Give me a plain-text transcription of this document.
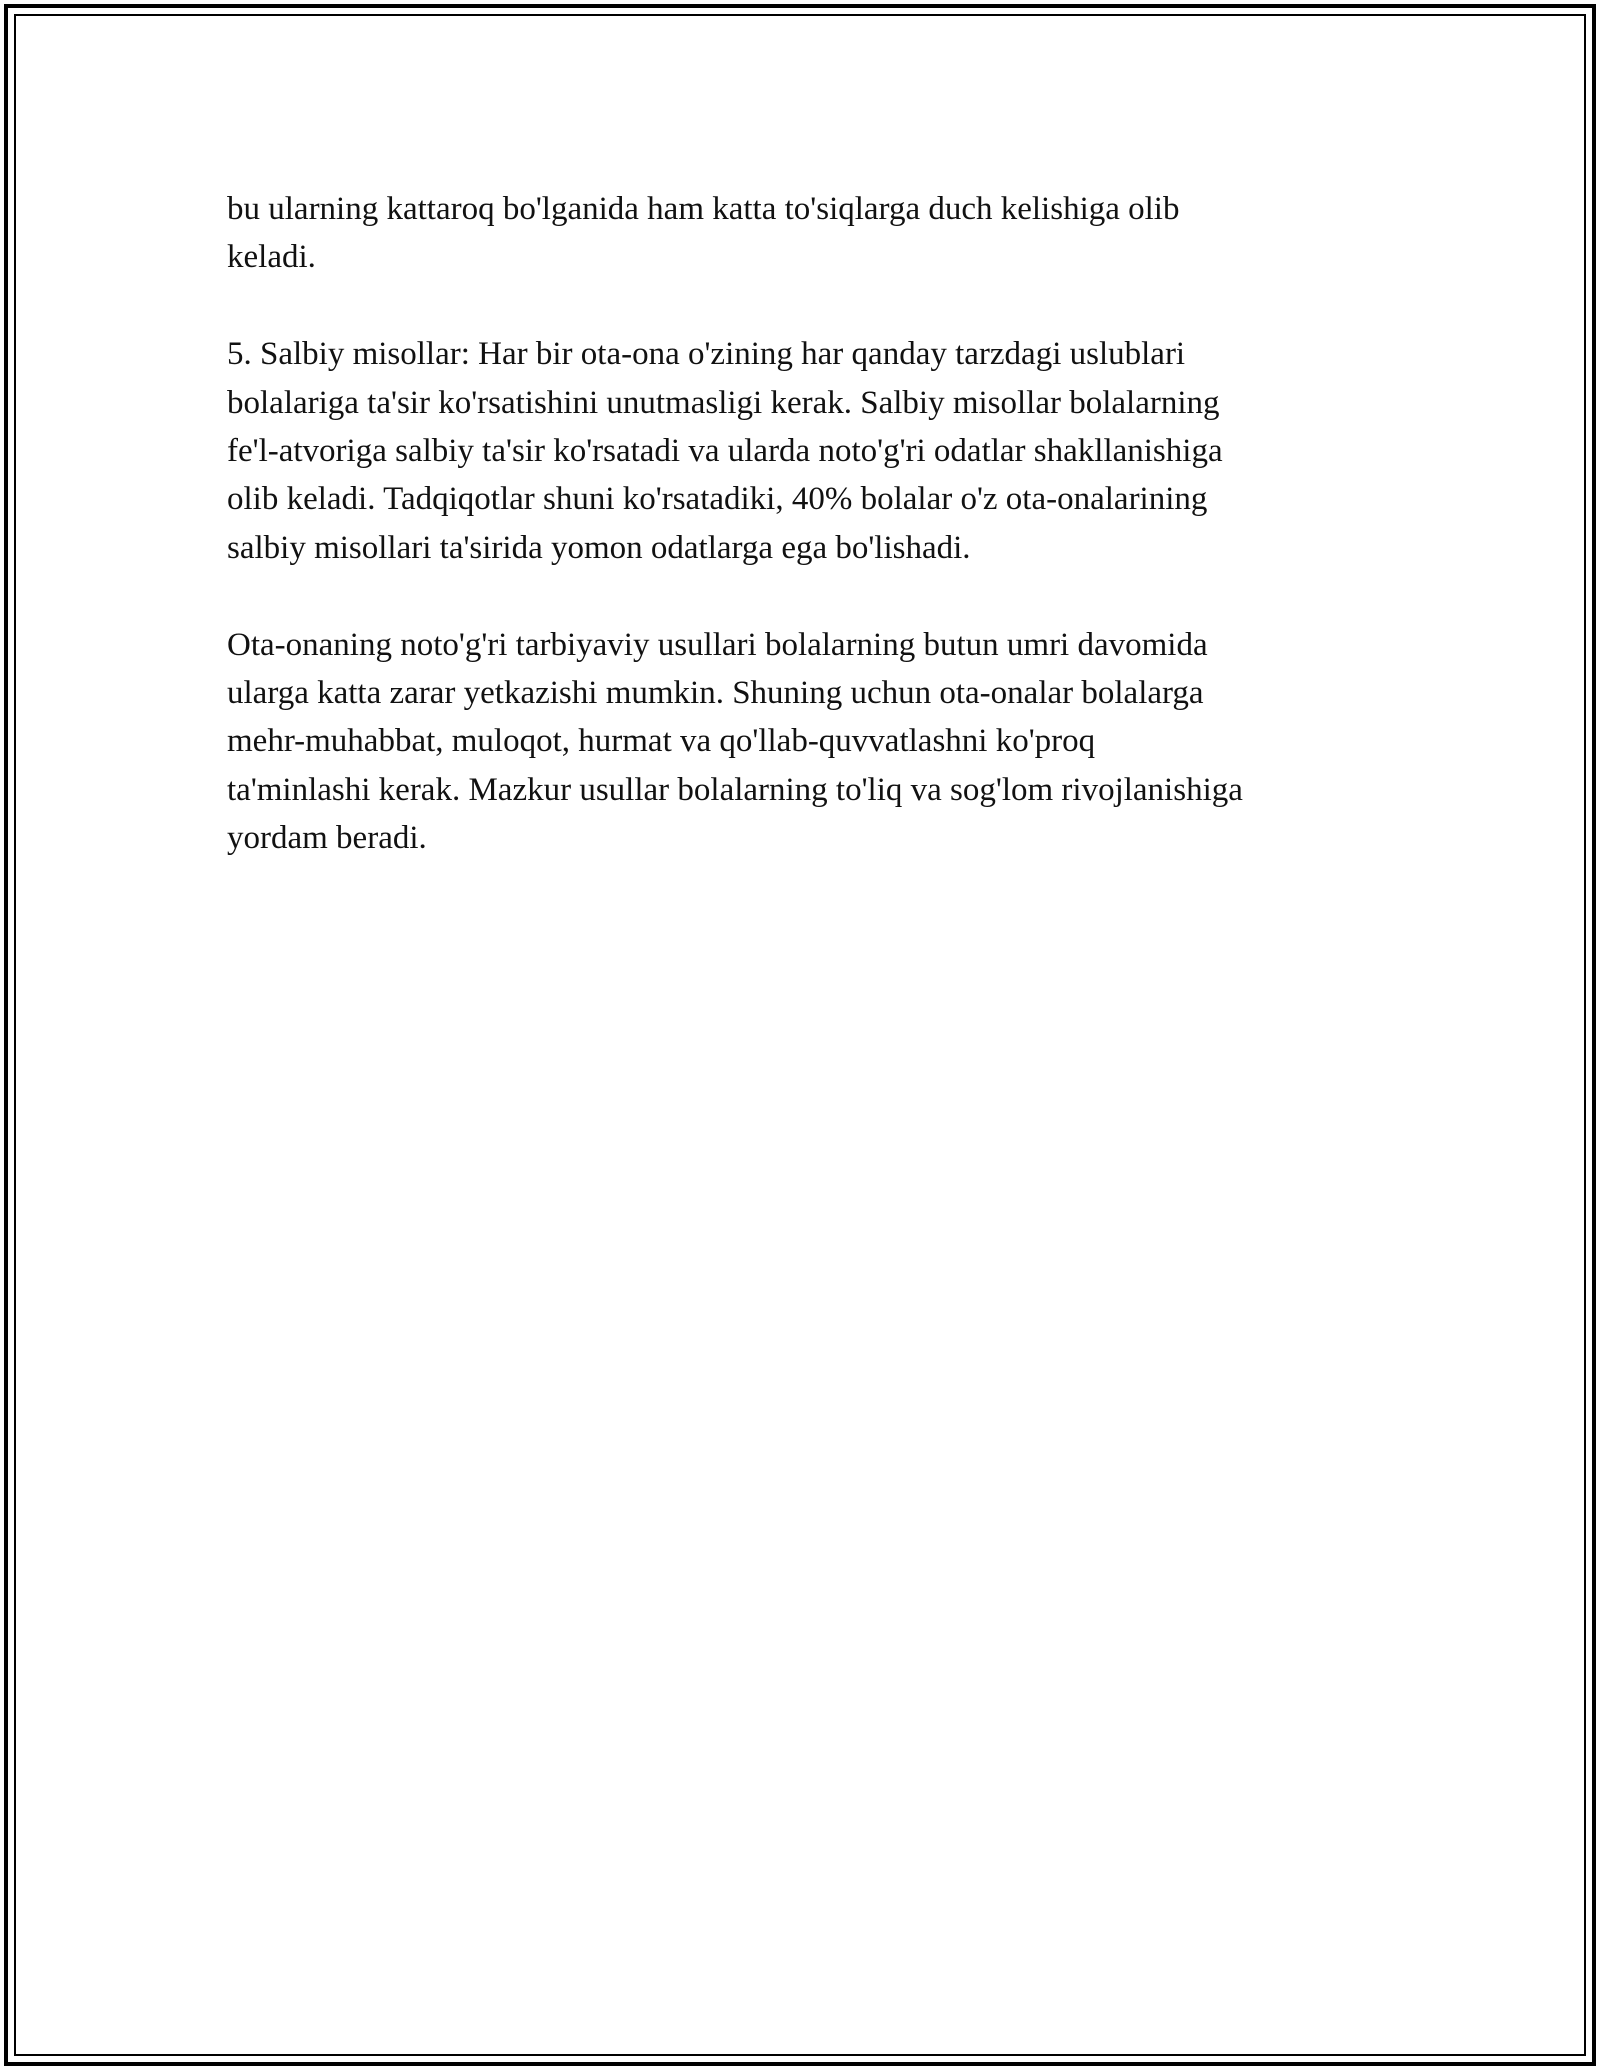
bu ularning kattaroq bo'lganida ham katta to'siqlarga duch kelishiga olib
keladi.

5. Salbiy misollar: Har bir ota-ona o'zining har qanday tarzdagi uslublari
bolalariga ta'sir ko'rsatishini unutmasligi kerak. Salbiy misollar bolalarning
fe'l-atvoriga salbiy ta'sir ko'rsatadi va ularda noto'g'ri odatlar shakllanishiga
olib keladi. Tadqiqotlar shuni ko'rsatadiki, 40% bolalar o'z ota-onalarining
salbiy misollari ta'sirida yomon odatlarga ega bo'lishadi.

Ota-onaning noto'g'ri tarbiyaviy usullari bolalarning butun umri davomida
ularga katta zarar yetkazishi mumkin. Shuning uchun ota-onalar bolalarga
mehr-muhabbat, muloqot, hurmat va qo'llab-quvvatlashni ko'proq
ta'minlashi kerak. Mazkur usullar bolalarning to'liq va sog'lom rivojlanishiga
yordam beradi.
